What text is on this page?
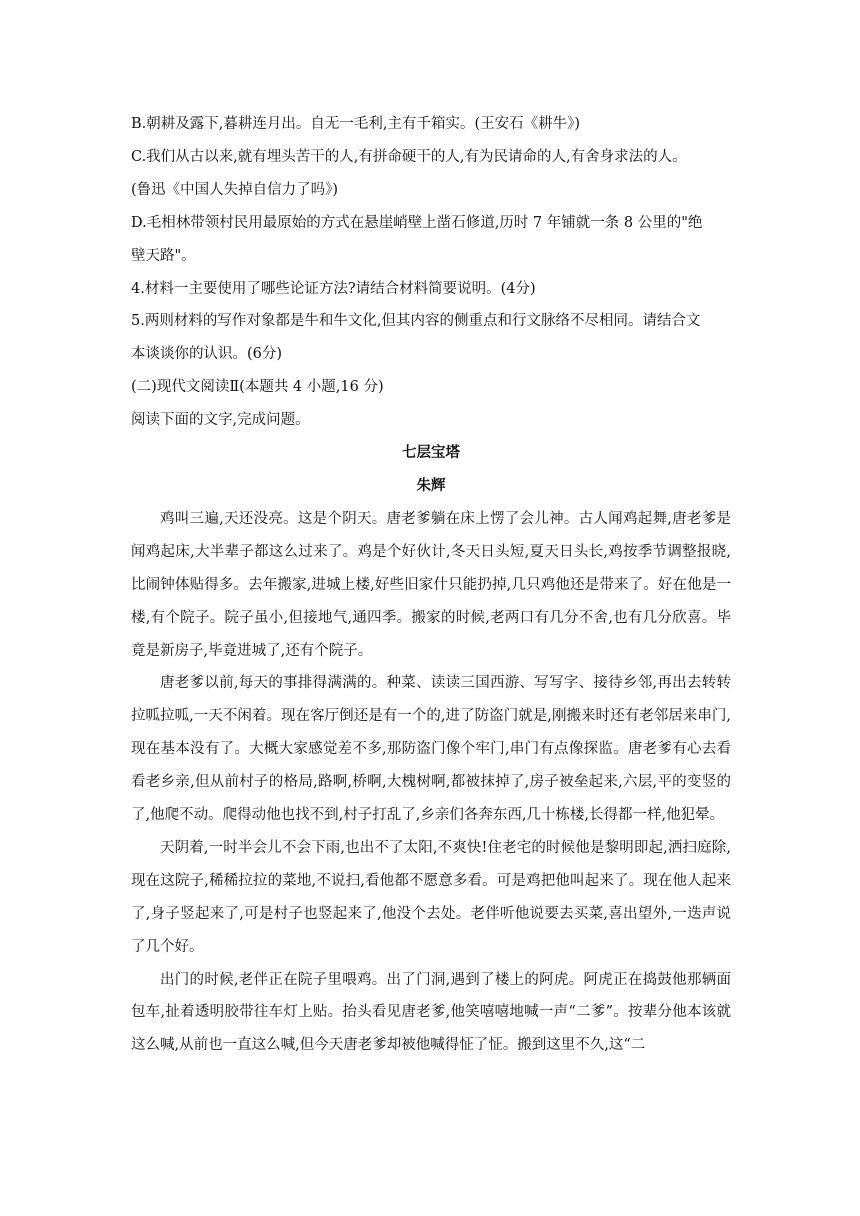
B.朝耕及露下,暮耕连月出。自无一毛利,主有千箱实。(王安石《耕牛》)

C.我们从古以来,就有埋头苦干的人,有拼命硬干的人,有为民请命的人,有舍身求法的人。

(鲁迅《中国人失掉自信力了吗》)

D.毛相林带领村民用最原始的方式在悬崖峭壁上凿石修道,历时 7 年铺就一条 8 公里的"绝

壁天路"。

4.材料一主要使用了哪些论证方法?请结合材料简要说明。(4分)

5.两则材料的写作对象都是牛和牛文化,但其内容的侧重点和行文脉络不尽相同。请结合文

本谈谈你的认识。(6分)

(二)现代文阅读Ⅱ(本题共 4 小题,16 分)

阅读下面的文字,完成问题。

七层宝塔

朱辉

鸡叫三遍,天还没亮。这是个阴天。唐老爹躺在床上愣了会儿神。古人闻鸡起舞,唐老爹是闻鸡起床,大半辈子都这么过来了。鸡是个好伙计,冬天日头短,夏天日头长,鸡按季节调整报晓,比闹钟体贴得多。去年搬家,进城上楼,好些旧家什只能扔掉,几只鸡他还是带来了。好在他是一楼,有个院子。院子虽小,但接地气,通四季。搬家的时候,老两口有几分不舍,也有几分欣喜。毕竟是新房子,毕竟进城了,还有个院子。

唐老爹以前,每天的事排得满满的。种菜、读读三国西游、写写字、接待乡邻,再出去转转拉呱拉呱,一天不闲着。现在客厅倒还是有一个的,进了防盗门就是,刚搬来时还有老邻居来串门,现在基本没有了。大概大家感觉差不多,那防盗门像个牢门,串门有点像探监。唐老爹有心去看看老乡亲,但从前村子的格局,路啊,桥啊,大槐树啊,都被抹掉了,房子被垒起来,六层,平的变竖的了,他爬不动。爬得动他也找不到,村子打乱了,乡亲们各奔东西,几十栋楼,长得都一样,他犯晕。

天阴着,一时半会儿不会下雨,也出不了太阳,不爽快!住老宅的时候他是黎明即起,洒扫庭除,现在这院子,稀稀拉拉的菜地,不说扫,看他都不愿意多看。可是鸡把他叫起来了。现在他人起来了,身子竖起来了,可是村子也竖起来了,他没个去处。老伴听他说要去买菜,喜出望外,一迭声说了几个好。

出门的时候,老伴正在院子里喂鸡。出了门洞,遇到了楼上的阿虎。阿虎正在捣鼓他那辆面包车,扯着透明胶带往车灯上贴。抬头看见唐老爹,他笑嘻嘻地喊一声“二爹”。按辈分他本该就这么喊,从前也一直这么喊,但今天唐老爹却被他喊得怔了怔。搬到这里不久,这“二
